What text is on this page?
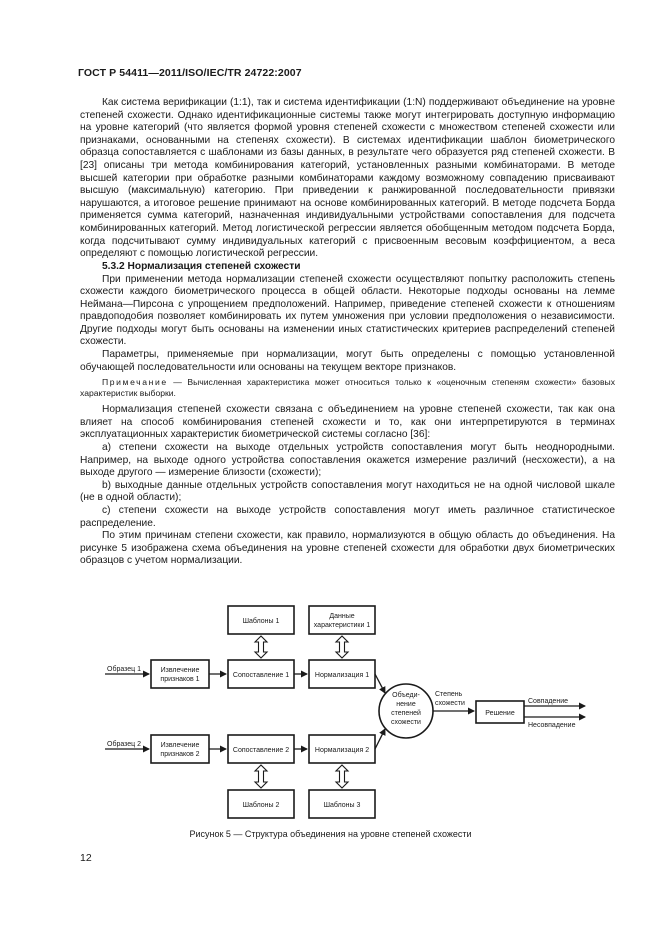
ГОСТ Р 54411—2011/ISO/IEC/TR 24722:2007

Как система верификации (1:1), так и система идентификации (1:N) поддерживают объединение на уровне степеней схожести. Однако идентификационные системы также могут интегрировать доступную информацию на уровне категорий (что является формой уровня степеней схожести с множеством степеней схожести или признаками, основанными на степенях схожести). В системах идентификации шаблон биометрического образца сопоставляется с шаблонами из базы данных, в результате чего образуется ряд степеней схожести. В [23] описаны три метода комбинирования категорий, установленных разными комбинаторами. В методе высшей категории при обработке разными комбинаторами каждому возможному совпадению присваивают высшую (максимальную) категорию. При приведении к ранжированной последовательности привязки нарушаются, а итоговое решение принимают на основе комбинированных категорий. В методе подсчета Борда применяется сумма категорий, назначенная индивидуальными устройствами сопоставления для подсчета комбинированных категорий. Метод логистической регрессии является обобщенным методом подсчета Борда, когда подсчитывают сумму индивидуальных категорий с присвоенным весовым коэффициентом, а веса определяют с помощью логистической регрессии.

5.3.2 Нормализация степеней схожести

При применении метода нормализации степеней схожести осуществляют попытку расположить степень схожести каждого биометрического процесса в общей области. Некоторые подходы основаны на лемме Неймана—Пирсона с упрощением предположений. Например, приведение степеней схожести к отношениям правдоподобия позволяет комбинировать их путем умножения при условии предположения о независимости. Другие подходы могут быть основаны на изменении иных статистических критериев распределений степеней схожести.

Параметры, применяемые при нормализации, могут быть определены с помощью установленной обучающей последовательности или основаны на текущем векторе признаков.

Примечание — Вычисленная характеристика может относиться только к «оценочным степеням схожести» базовых характеристик выборки.

Нормализация степеней схожести связана с объединением на уровне степеней схожести, так как она влияет на способ комбинирования степеней схожести и то, как они интерпретируются в терминах эксплуатационных характеристик биометрической системы согласно [36]:

a) степени схожести на выходе отдельных устройств сопоставления могут быть неоднородными. Например, на выходе одного устройства сопоставления окажется измерение различий (несхожести), а на выходе другого — измерение близости (схожести);

b) выходные данные отдельных устройств сопоставления могут находиться не на одной числовой шкале (не в одной области);

c) степени схожести на выходе устройств сопоставления могут иметь различное статистическое распределение.

По этим причинам степени схожести, как правило, нормализуются в общую область до объединения. На рисунке 5 изображена схема объединения на уровне степеней схожести для обработки двух биометрических образцов с учетом нормализации.

Шаблоны 1
Данные
характеристики 1
Образец 1	Извлечение
признаков 1
Сопоставление 1	Нормализация 1
Объеди-
нение
степеней
схожести
Степень
схожести
Решение
Совпадение
Несовпадение
Образец 2	Извлечение
признаков 2
Сопоставление 2	Нормализация 2
Шаблоны 2	Шаблоны 3
Рисунок 5 — Структура объединения на уровне степеней схожести
12
